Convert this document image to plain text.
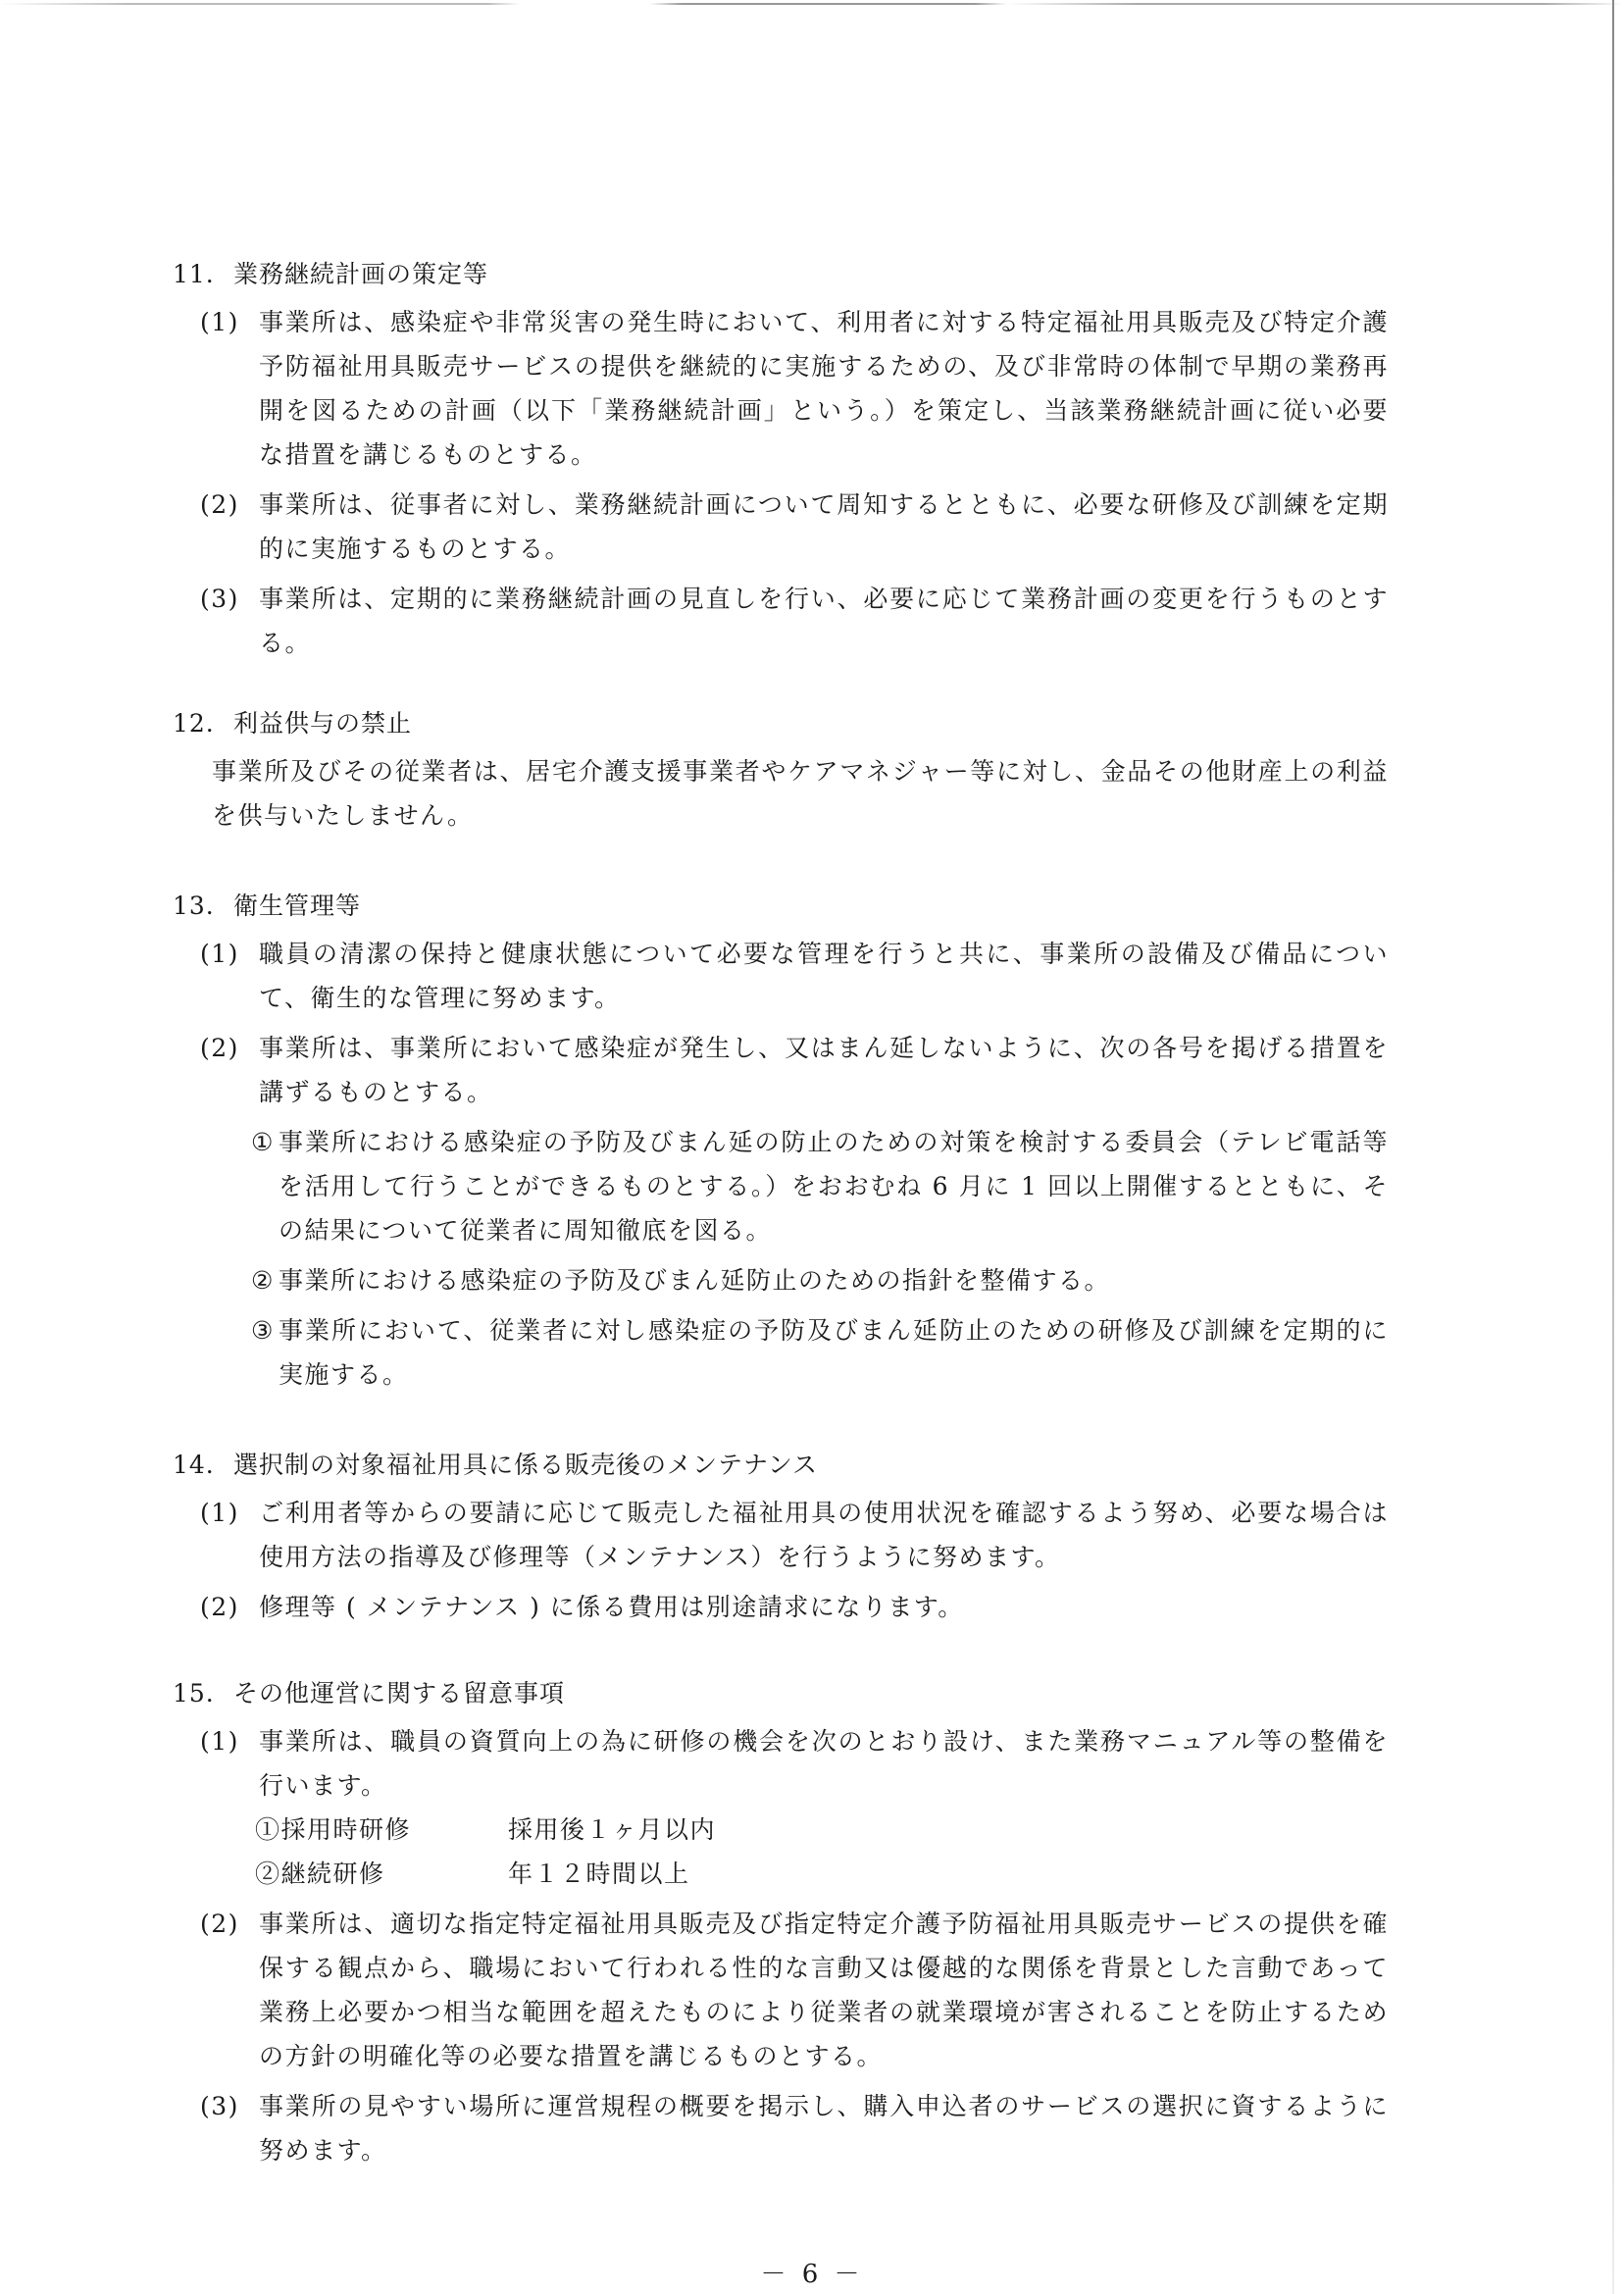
11. 業務継続計画の策定等
(1) 事業所は、感染症や非常災害の発生時において、利用者に対する特定福祉用具販売及び特定介護予防福祉用具販売サービスの提供を継続的に実施するための、及び非常時の体制で早期の業務再開を図るための計画（以下「業務継続計画」という。）を策定し、当該業務継続計画に従い必要な措置を講じるものとする。
(2) 事業所は、従事者に対し、業務継続計画について周知するとともに、必要な研修及び訓練を定期的に実施するものとする。
(3) 事業所は、定期的に業務継続計画の見直しを行い、必要に応じて業務計画の変更を行うものとする。
12. 利益供与の禁止

事業所及びその従業者は、居宅介護支援事業者やケアマネジャー等に対し、金品その他財産上の利益を供与いたしません。

13. 衛生管理等
(1) 職員の清潔の保持と健康状態について必要な管理を行うと共に、事業所の設備及び備品について、衛生的な管理に努めます。
(2) 事業所は、事業所において感染症が発生し、又はまん延しないように、次の各号を掲げる措置を講ずるものとする。
① 事業所における感染症の予防及びまん延の防止のための対策を検討する委員会（テレビ電話等を活用して行うことができるものとする。）をおおむね 6 月に 1 回以上開催するとともに、その結果について従業者に周知徹底を図る。
② 事業所における感染症の予防及びまん延防止のための指針を整備する。
③ 事業所において、従業者に対し感染症の予防及びまん延防止のための研修及び訓練を定期的に実施する。
14. 選択制の対象福祉用具に係る販売後のメンテナンス
(1) ご利用者等からの要請に応じて販売した福祉用具の使用状況を確認するよう努め、必要な場合は使用方法の指導及び修理等（メンテナンス）を行うように努めます。
(2) 修理等 ( メンテナンス ) に係る費用は別途請求になります。
15. その他運営に関する留意事項
(1) 事業所は、職員の資質向上の為に研修の機会を次のとおり設け、また業務マニュアル等の整備を行います。
①採用時研修	採用後１ヶ月以内
②継続研修	年１２時間以上
(2) 事業所は、適切な指定特定福祉用具販売及び指定特定介護予防福祉用具販売サービスの提供を確保する観点から、職場において行われる性的な言動又は優越的な関係を背景とした言動であって業務上必要かつ相当な範囲を超えたものにより従業者の就業環境が害されることを防止するための方針の明確化等の必要な措置を講じるものとする。
(3) 事業所の見やすい場所に運営規程の概要を掲示し、購入申込者のサービスの選択に資するように努めます。
－ 6 －
